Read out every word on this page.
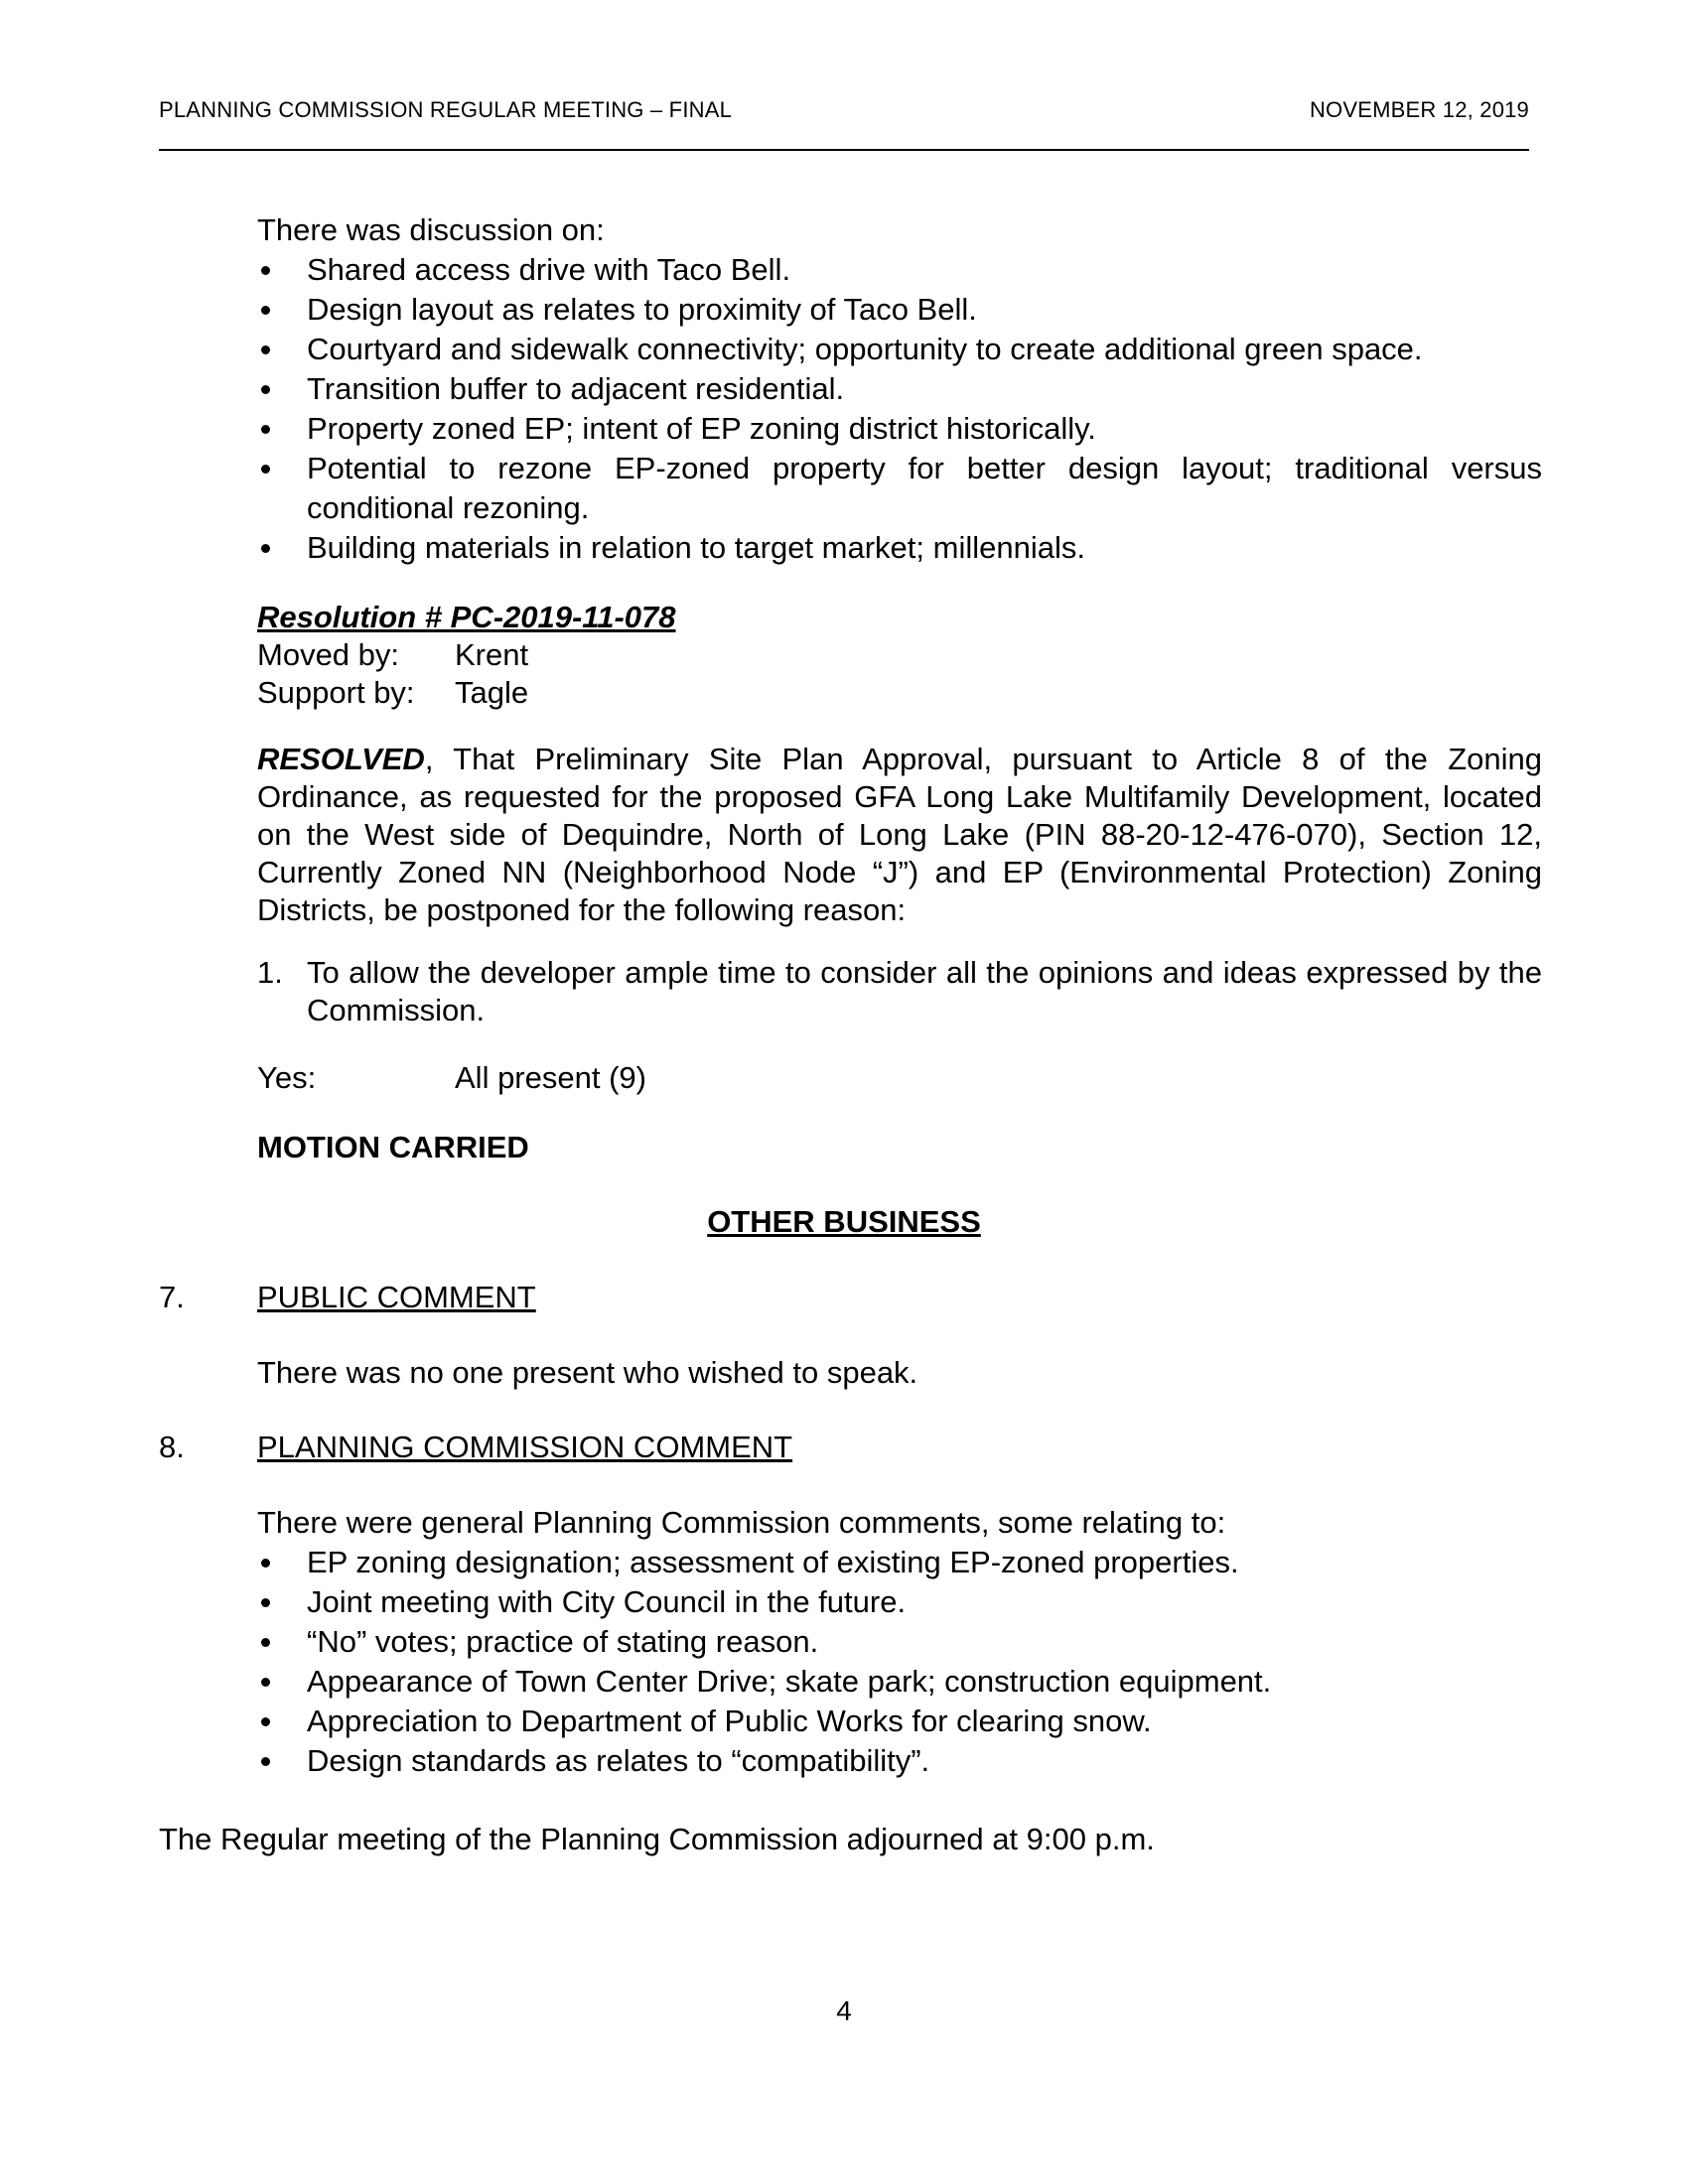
PLANNING COMMISSION REGULAR MEETING – FINAL	NOVEMBER 12, 2019
There was discussion on:
Shared access drive with Taco Bell.
Design layout as relates to proximity of Taco Bell.
Courtyard and sidewalk connectivity; opportunity to create additional green space.
Transition buffer to adjacent residential.
Property zoned EP; intent of EP zoning district historically.
Potential to rezone EP-zoned property for better design layout; traditional versus conditional rezoning.
Building materials in relation to target market; millennials.
Resolution # PC-2019-11-078
Moved by:	Krent
Support by:	Tagle
RESOLVED, That Preliminary Site Plan Approval, pursuant to Article 8 of the Zoning Ordinance, as requested for the proposed GFA Long Lake Multifamily Development, located on the West side of Dequindre, North of Long Lake (PIN 88-20-12-476-070), Section 12, Currently Zoned NN (Neighborhood Node “J”) and EP (Environmental Protection) Zoning Districts, be postponed for the following reason:
1. To allow the developer ample time to consider all the opinions and ideas expressed by the Commission.
Yes:	All present (9)
MOTION CARRIED
OTHER BUSINESS
7. PUBLIC COMMENT
There was no one present who wished to speak.
8. PLANNING COMMISSION COMMENT
There were general Planning Commission comments, some relating to:
EP zoning designation; assessment of existing EP-zoned properties.
Joint meeting with City Council in the future.
“No” votes; practice of stating reason.
Appearance of Town Center Drive; skate park; construction equipment.
Appreciation to Department of Public Works for clearing snow.
Design standards as relates to “compatibility”.
The Regular meeting of the Planning Commission adjourned at 9:00 p.m.
4
